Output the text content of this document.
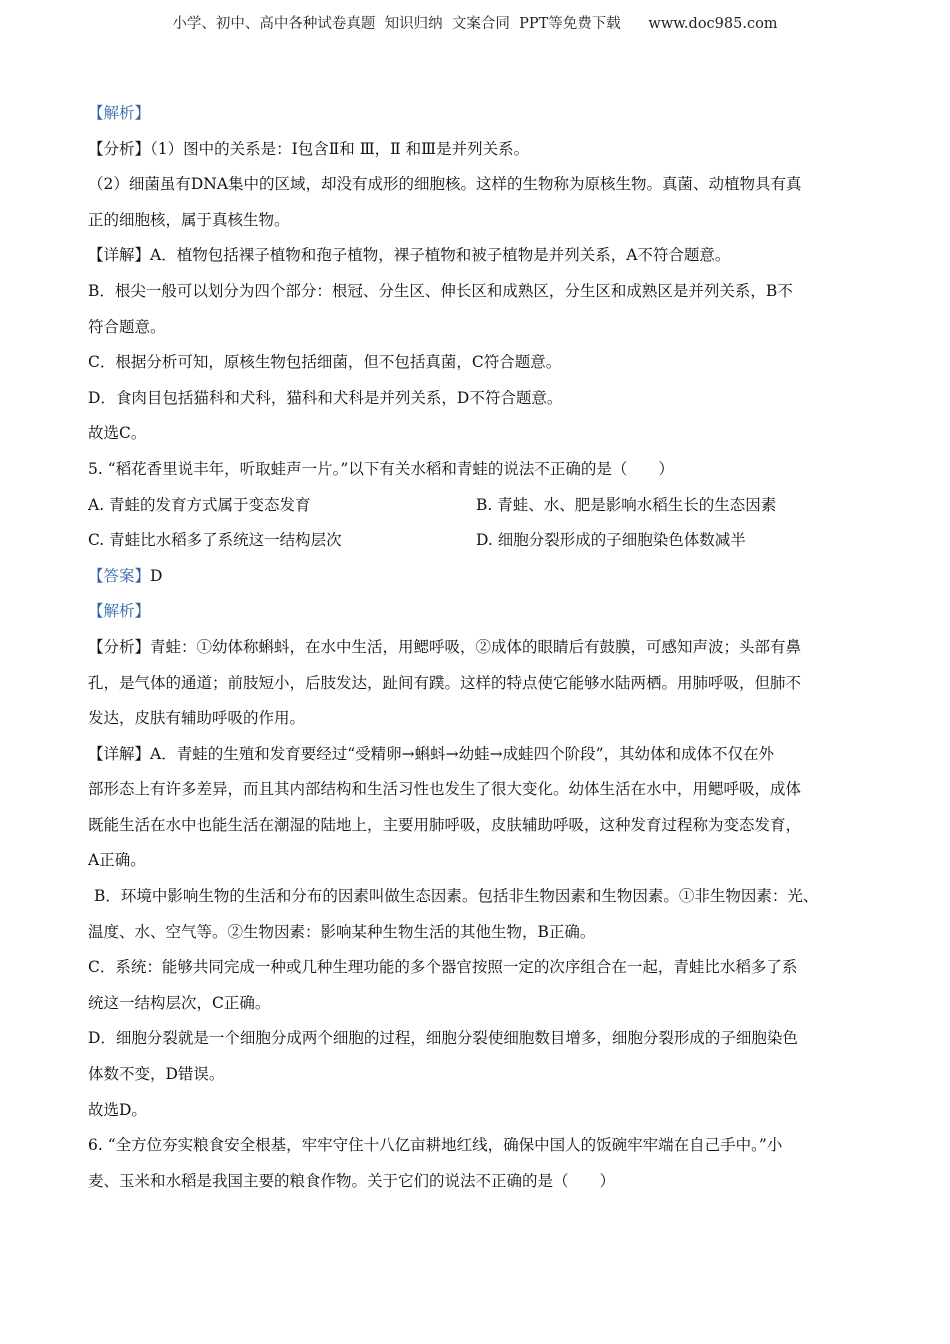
小学、初中、高中各种试卷真题  知识归纳  文案合同  PPT等免费下载      www.doc985.com
【解析】
【分析】（1）图中的关系是：Ⅰ包含Ⅱ和 Ⅲ，Ⅱ 和Ⅲ是并列关系。
（2）细菌虽有DNA集中的区域，却没有成形的细胞核。这样的生物称为原核生物。真菌、动植物具有真
正的细胞核，属于真核生物。
【详解】A．植物包括裸子植物和孢子植物，裸子植物和被子植物是并列关系，A不符合题意。
B．根尖一般可以划分为四个部分：根冠、分生区、伸长区和成熟区，分生区和成熟区是并列关系，B不
符合题意。
C．根据分析可知，原核生物包括细菌，但不包括真菌，C符合题意。
D．食肉目包括猫科和犬科，猫科和犬科是并列关系，D不符合题意。
故选C。
5. “稻花香里说丰年，听取蛙声一片。”以下有关水稻和青蛙的说法不正确的是（　　）
A. 青蛙的发育方式属于变态发育	B. 青蛙、水、肥是影响水稻生长的生态因素
C. 青蛙比水稻多了系统这一结构层次	D. 细胞分裂形成的子细胞染色体数减半
【答案】D
【解析】
【分析】青蛙：①幼体称蝌蚪，在水中生活，用鳃呼吸，②成体的眼睛后有鼓膜，可感知声波；头部有鼻
孔，是气体的通道；前肢短小，后肢发达，趾间有蹼。这样的特点使它能够水陆两栖。用肺呼吸，但肺不
发达，皮肤有辅助呼吸的作用。
【详解】A．青蛙的生殖和发育要经过“受精卵→蝌蚪→幼蛙→成蛙四个阶段”，其幼体和成体不仅在外
部形态上有许多差异，而且其内部结构和生活习性也发生了很大变化。幼体生活在水中，用鳃呼吸，成体
既能生活在水中也能生活在潮湿的陆地上，主要用肺呼吸，皮肤辅助呼吸，这种发育过程称为变态发育，
A正确。
B．环境中影响生物的生活和分布的因素叫做生态因素。包括非生物因素和生物因素。①非生物因素：光、
温度、水、空气等。②生物因素：影响某种生物生活的其他生物，B正确。
C．系统：能够共同完成一种或几种生理功能的多个器官按照一定的次序组合在一起，青蛙比水稻多了系
统这一结构层次，C正确。
D．细胞分裂就是一个细胞分成两个细胞的过程，细胞分裂使细胞数目增多，细胞分裂形成的子细胞染色
体数不变，D错误。
故选D。
6. “全方位夯实粮食安全根基，牢牢守住十八亿亩耕地红线，确保中国人的饭碗牢牢端在自己手中。”小
麦、玉米和水稻是我国主要的粮食作物。关于它们的说法不正确的是（　　）
